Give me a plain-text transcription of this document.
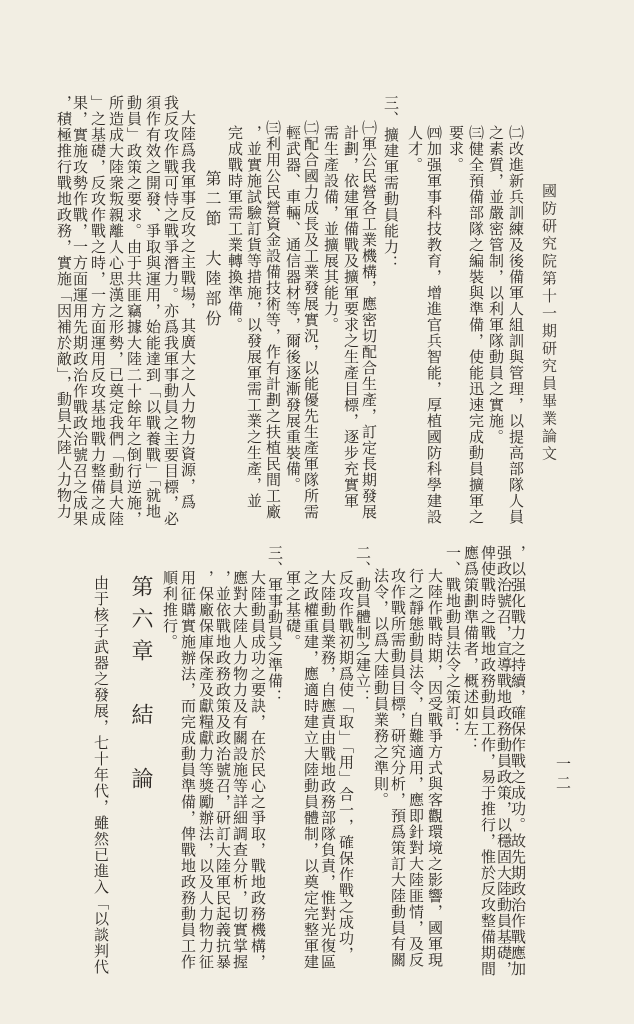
國防研究院第十一期研究員畢業論文
一二
㈡改進新兵訓練及後備軍人組訓與管理，以提高部隊人員
之素質，並嚴密管制，以利軍隊動員之實施。
㈢健全預備部隊之編裝與準備，使能迅速完成動員擴軍之
要求。
㈣加强軍事科技教育，增進官兵智能，厚植國防科學建設
人才。
三、擴建軍需動員能力：
㈠軍公民營各工業機構，應密切配合生產，訂定長期發展
計劃，依建軍備戰及擴軍要求之生產目標，逐步充實軍
需生產設備，並擴展其能力。
㈡配合國力成長及工業發展實況，以能優先生產軍隊所需
輕武器、車輛、通信器材等，爾後逐漸發展重裝備。
㈢利用公民營資金設備技術等，作有計劃之扶植民間工廠
，並實施試驗訂貨等措施，以發展軍需工業之生產，並
完成戰時軍需工業轉換準備。
第二節　大陸部份
大陸爲我軍事反攻之主戰場，其廣大之人力物力資源，爲
我反攻作戰可恃之戰爭潛力。亦爲我軍事動員之主要目標，必
須作有效之開發、爭取與運用，始能達到「以戰養戰」「就地
動員」政策之要求。由于共匪竊據大陸二十餘年之倒行逆施，
所造成大陸衆叛親離人心思漢之形勢，已奠定我們「動員大陸
」之基礎，反攻作戰之時，一方面運用反攻基地戰力整備之成
果，實施攻勢作戰，一方面運用先期政治作戰政治號召之成果
，積極推行戰地政務，實施「因補於敵」，動員大陸人力物力
，以强化戰力之持續，確保作戰之成功。故先期政治作戰應加
强政治號召，宣導戰地政務動員政策，以穩固大陸動員基礎，
俾使戰時之戰地政務動員工作，易于推行，惟於反攻整備期間
應爲策劃準備者，概述如左：
一、戰地動員法令之策訂：
大陸作戰時期，因受戰爭方式與客觀環境之影響，國軍現
行之靜態動員法令，自難適用，應即針對大陸匪情，及反
攻作戰所需動員目標，研究分析，預爲策訂大陸動員有關
法令，以爲大陸動員業務之準則。
二、動員體制之建立：
反攻作戰初期爲使「取」「用」合一，確保作戰之成功，
大陸動員業務，自應責由戰地政務部隊負責，惟對光復區
之政權重建，應適時建立大陸動員體制，以奠定完整軍建
軍之基礎。
三、軍事動員之準備：
大陸動員成功之要訣，在於民心之爭取，戰地政務機構，
應對大陸人力物力及有關設施等詳細調查分析，切實掌握
，並依戰地政務政策及政治號召，研訂大陸軍民起義抗暴
，保廠保庫保產及獻糧獻力等獎勵辦法，以及人力物力征
用征購實施辦法，而完成動員準備，俾戰地政務動員工作
順利推行。
第六章　結　論
由于核子武器之發展，七十年代，雖然已進入「以談判代
